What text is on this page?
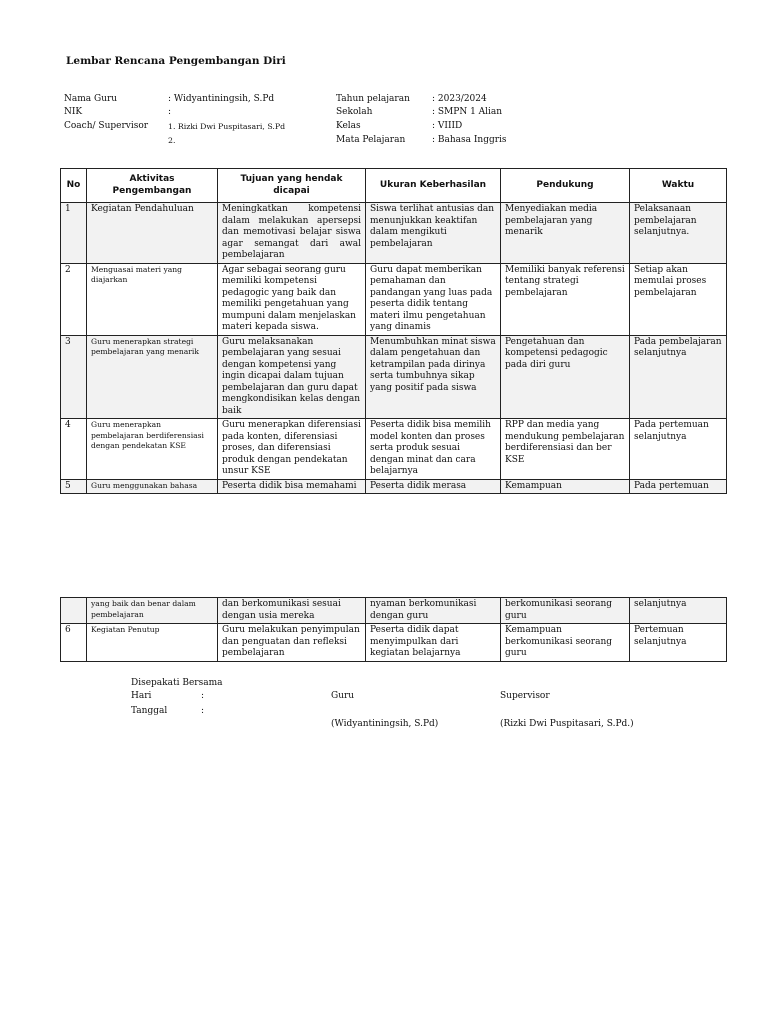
Lembar Rencana Pengembangan Diri
Nama Guru	: Widyantiningsih, S.Pd
NIK	:
Coach/ Supervisor	1. Rizki Dwi Puspitasari, S.Pd
2.
Tahun pelajaran : 2023/2024
Sekolah	: SMPN 1 Alian
Kelas	: VIIID
Mata Pelajaran	: Bahasa Inggris
No	Aktivitas Pengembangan	Tujuan yang hendak dicapai	Ukuran Keberhasilan	Pendukung	Waktu
1	Kegiatan Pendahuluan	Meningkatkan kompetensi dalam melakukan apersepsi dan memotivasi belajar siswa agar semangat dari awal pembelajaran	Siswa terlihat antusias dan menunjukkan keaktifan dalam mengikuti pembelajaran	Menyediakan media pembelajaran yang menarik	Pelaksanaan pembelajaran selanjutnya.
2	Menguasai materi yang diajarkan	Agar sebagai seorang guru memiliki kompetensi pedagogic yang baik dan memiliki pengetahuan yang mumpuni dalam menjelaskan materi kepada siswa.	Guru dapat memberikan pemahaman dan pandangan yang luas pada peserta didik tentang materi ilmu pengetahuan yang dinamis	Memiliki banyak referensi tentang strategi pembelajaran	Setiap akan memulai proses pembelajaran
3	Guru menerapkan strategi pembelajaran yang menarik	Guru melaksanakan pembelajaran yang sesuai dengan kompetensi yang ingin dicapai dalam tujuan pembelajaran dan guru dapat mengkondisikan kelas dengan baik	Menumbuhkan minat siswa dalam pengetahuan dan ketrampilan pada dirinya serta tumbuhnya sikap yang positif pada siswa	Pengetahuan dan kompetensi pedagogic pada diri guru	Pada pembelajaran selanjutnya
4	Guru menerapkan pembelajaran berdiferensiasi dengan pendekatan KSE	Guru menerapkan diferensiasi pada konten, diferensiasi proses, dan diferensiasi produk dengan pendekatan unsur KSE	Peserta didik bisa memilih model konten dan proses serta produk sesuai dengan minat dan cara belajarnya	RPP dan media yang mendukung pembelajaran berdiferensiasi dan ber KSE	Pada pertemuan selanjutnya
5	Guru menggunakan bahasa	Peserta didik bisa memahami	Peserta didik merasa	Kemampuan	Pada pertemuan
	yang baik dan benar dalam pembelajaran	dan berkomunikasi sesuai dengan usia mereka	nyaman berkomunikasi dengan guru	berkomunikasi seorang guru	selanjutnya
6	Kegiatan Penutup	Guru melakukan penyimpulan dan penguatan dan refleksi pembelajaran	Peserta didik dapat menyimpulkan dari kegiatan belajarnya	Kemampuan berkomunikasi seorang guru	Pertemuan selanjutnya
Disepakati Bersama
Hari	:
Tanggal	:
Guru	Supervisor
(Widyantiningsih, S.Pd)	(Rizki Dwi Puspitasari, S.Pd.)
